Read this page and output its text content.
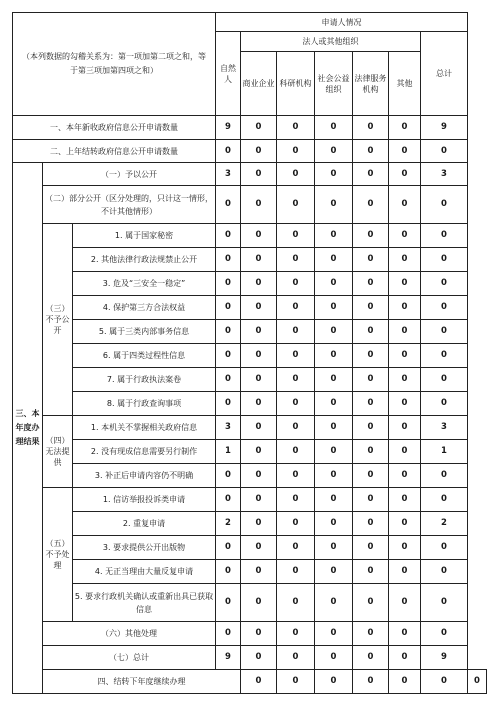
（本列数据的勾稽关系为：第一项加第二项之和，等于第三项加第四项之和）			申请人情况							
			自然人	法人或其他组织					总计	
				商业企业	科研机构	社会公益组织	法律服务机构	其他		
一、本年新收政府信息公开申请数量			9	0	0	0	0	0	9	
二、上年结转政府信息公开申请数量			0	0	0	0	0	0	0	
三、本年度办理结果	（一）予以公开		3	0	0	0	0	0	3	
	（二）部分公开（区分处理的，只计这一情形，不计其他情形）		0	0	0	0	0	0	0	
	（三）不予公开	1. 属于国家秘密	0	0	0	0	0	0	0	
		2. 其他法律行政法规禁止公开	0	0	0	0	0	0	0	
		3. 危及“三安全一稳定”	0	0	0	0	0	0	0	
		4. 保护第三方合法权益	0	0	0	0	0	0	0	
		5. 属于三类内部事务信息	0	0	0	0	0	0	0	
		6. 属于四类过程性信息	0	0	0	0	0	0	0	
		7. 属于行政执法案卷	0	0	0	0	0	0	0	
		8. 属于行政查询事项	0	0	0	0	0	0	0	
	（四）无法提供	1. 本机关不掌握相关政府信息	3	0	0	0	0	0	3	
		2. 没有现成信息需要另行制作	1	0	0	0	0	0	1	
		3. 补正后申请内容仍不明确	0	0	0	0	0	0	0	
	（五）不予处理	1. 信访举报投诉类申请	0	0	0	0	0	0	0	
		2. 重复申请	2	0	0	0	0	0	2	
		3. 要求提供公开出版物	0	0	0	0	0	0	0	
		4. 无正当理由大量反复申请	0	0	0	0	0	0	0	
		5. 要求行政机关确认或重新出具已获取信息	0	0	0	0	0	0	0	
	（六）其他处理		0	0	0	0	0	0	0	
	（七）总计		9	0	0	0	0	0	9	
	四、结转下年度继续办理			0	0	0	0	0	0	0
